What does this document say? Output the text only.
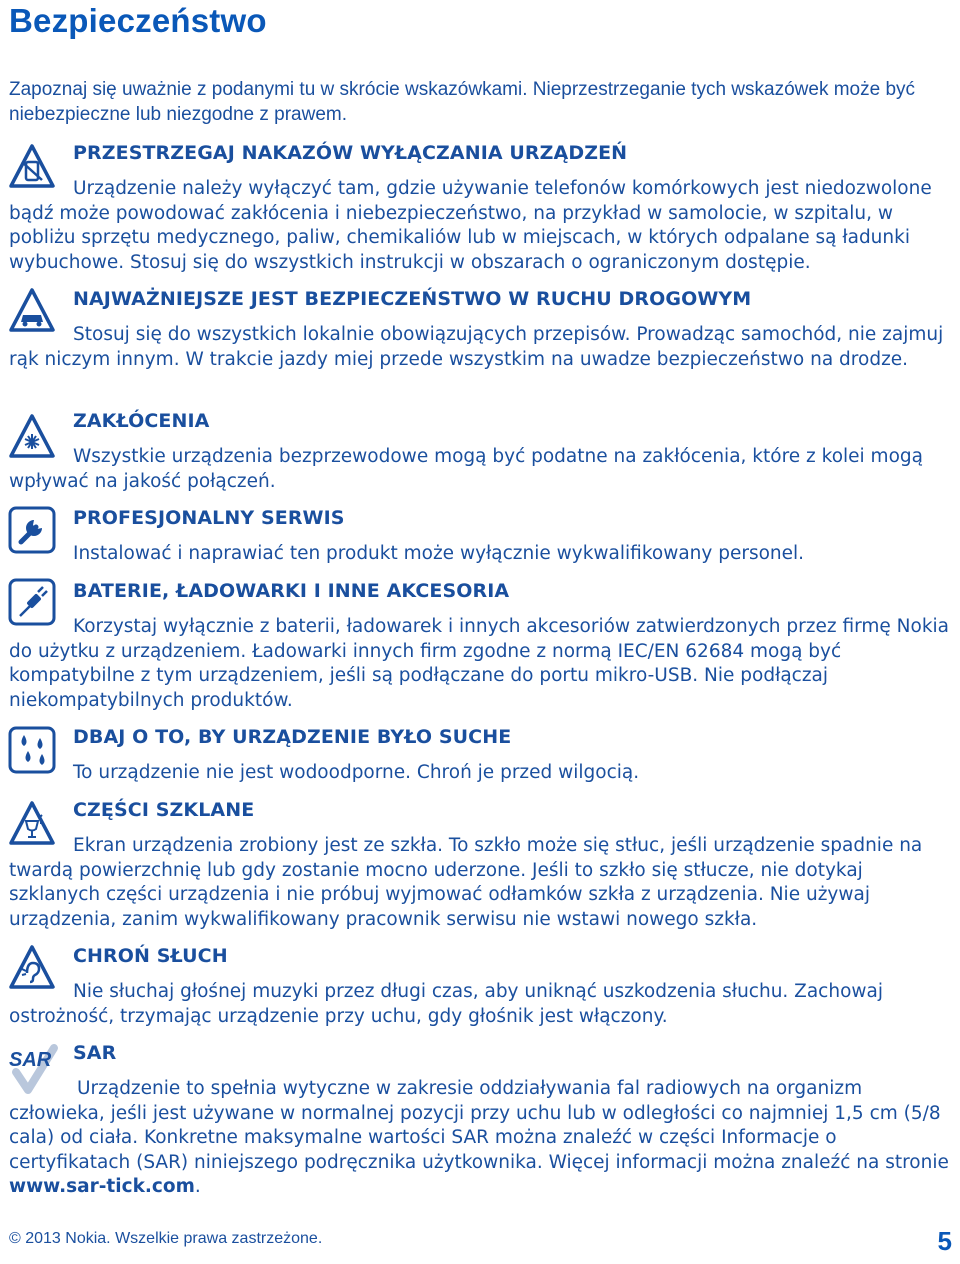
Bezpieczeństwo
Zapoznaj się uważnie z podanymi tu w skrócie wskazówkami. Nieprzestrzeganie tych wskazówek może być niebezpieczne lub niezgodne z prawem.
PRZESTRZEGAJ NAKAZÓW WYŁĄCZANIA URZĄDZEŃ
Urządzenie należy wyłączyć tam, gdzie używanie telefonów komórkowych jest niedozwolone bądź może powodować zakłócenia i niebezpieczeństwo, na przykład w samolocie, w szpitalu, w pobliżu sprzętu medycznego, paliw, chemikaliów lub w miejscach, w których odpalane są ładunki wybuchowe. Stosuj się do wszystkich instrukcji w obszarach o ograniczonym dostępie.
NAJWAŻNIEJSZE JEST BEZPIECZEŃSTWO W RUCHU DROGOWYM
Stosuj się do wszystkich lokalnie obowiązujących przepisów. Prowadząc samochód, nie zajmuj rąk niczym innym. W trakcie jazdy miej przede wszystkim na uwadze bezpieczeństwo na drodze.
ZAKŁÓCENIA
Wszystkie urządzenia bezprzewodowe mogą być podatne na zakłócenia, które z kolei mogą wpływać na jakość połączeń.
PROFESJONALNY SERWIS
Instalować i naprawiać ten produkt może wyłącznie wykwalifikowany personel.
BATERIE, ŁADOWARKI I INNE AKCESORIA
Korzystaj wyłącznie z baterii, ładowarek i innych akcesoriów zatwierdzonych przez firmę Nokia do użytku z urządzeniem. Ładowarki innych firm zgodne z normą IEC/EN 62684 mogą być kompatybilne z tym urządzeniem, jeśli są podłączane do portu mikro-USB. Nie podłączaj niekompatybilnych produktów.
DBAJ O TO, BY URZĄDZENIE BYŁO SUCHE
To urządzenie nie jest wodoodporne. Chroń je przed wilgocią.
CZĘŚCI SZKLANE
Ekran urządzenia zrobiony jest ze szkła. To szkło może się stłuc, jeśli urządzenie spadnie na twardą powierzchnię lub gdy zostanie mocno uderzone. Jeśli to szkło się stłucze, nie dotykaj szklanych części urządzenia i nie próbuj wyjmować odłamków szkła z urządzenia. Nie używaj urządzenia, zanim wykwalifikowany pracownik serwisu nie wstawi nowego szkła.
CHROŃ SŁUCH
Nie słuchaj głośnej muzyki przez długi czas, aby uniknąć uszkodzenia słuchu. Zachowaj ostrożność, trzymając urządzenie przy uchu, gdy głośnik jest włączony.
SAR SAR
Urządzenie to spełnia wytyczne w zakresie oddziaływania fal radiowych na organizm człowieka, jeśli jest używane w normalnej pozycji przy uchu lub w odległości co najmniej 1,5 cm (5/8 cala) od ciała. Konkretne maksymalne wartości SAR można znaleźć w części Informacje o certyfikatach (SAR) niniejszego podręcznika użytkownika. Więcej informacji można znaleźć na stronie www.sar-tick.com.
© 2013 Nokia. Wszelkie prawa zastrzeżone.	5
